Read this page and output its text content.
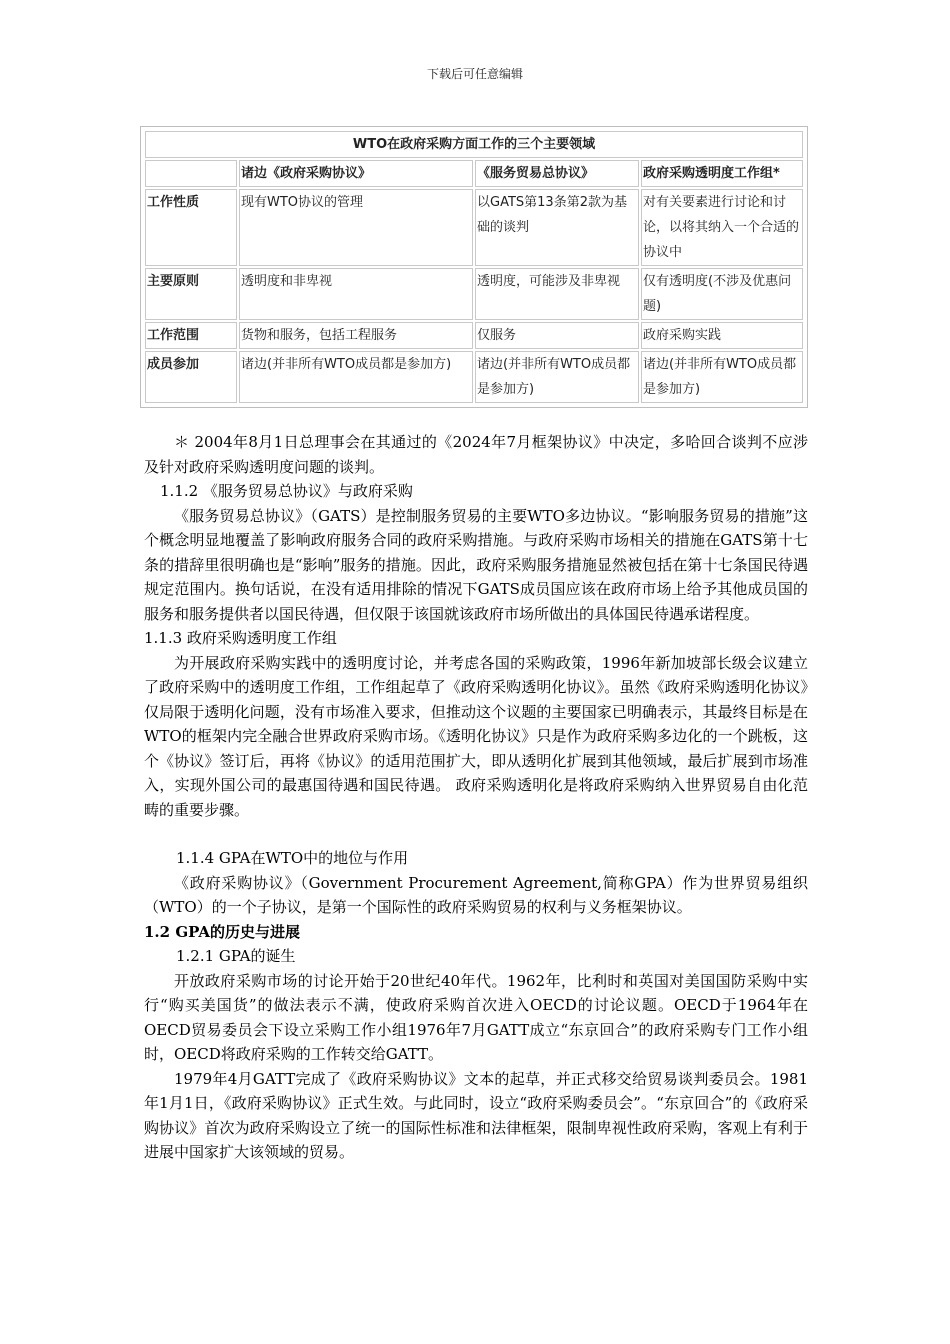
下载后可任意编辑
WTO在政府采购方面工作的三个主要领域			
	诸边《政府采购协议》	《服务贸易总协议》	政府采购透明度工作组*
工作性质	现有WTO协议的管理	以GATS第13条第2款为基础的谈判	对有关要素进行讨论和讨论，以将其纳入一个合适的协议中
主要原则	透明度和非卑视	透明度，可能涉及非卑视	仅有透明度(不涉及优惠问题)
工作范围	货物和服务，包括工程服务	仅服务	政府采购实践
成员参加	诸边(并非所有WTO成员都是参加方)	诸边(并非所有WTO成员都是参加方)	诸边(并非所有WTO成员都是参加方)

＊ 2004年8月1日总理事会在其通过的《2024年7月框架协议》中决定，多哈回合谈判不应涉及针对政府采购透明度问题的谈判。

1.1.2 《服务贸易总协议》与政府采购

《服务贸易总协议》（GATS）是控制服务贸易的主要WTO多边协议。“影响服务贸易的措施”这个概念明显地覆盖了影响政府服务合同的政府采购措施。与政府采购市场相关的措施在GATS第十七条的措辞里很明确也是“影响”服务的措施。因此，政府采购服务措施显然被包括在第十七条国民待遇规定范围内。换句话说，在没有适用排除的情况下GATS成员国应该在政府市场上给予其他成员国的服务和服务提供者以国民待遇，但仅限于该国就该政府市场所做出的具体国民待遇承诺程度。

1.1.3 政府采购透明度工作组

为开展政府采购实践中的透明度讨论，并考虑各国的采购政策，1996年新加坡部长级会议建立了政府采购中的透明度工作组，工作组起草了《政府采购透明化协议》。虽然《政府采购透明化协议》仅局限于透明化问题，没有市场准入要求，但推动这个议题的主要国家已明确表示，其最终目标是在WTO的框架内完全融合世界政府采购市场。《透明化协议》只是作为政府采购多边化的一个跳板，这个《协议》签订后，再将《协议》的适用范围扩大，即从透明化扩展到其他领域，最后扩展到市场准入，实现外国公司的最惠国待遇和国民待遇。 政府采购透明化是将政府采购纳入世界贸易自由化范畴的重要步骤。

1.1.4 GPA在WTO中的地位与作用

《政府采购协议》（Government Procurement Agreement,简称GPA）作为世界贸易组织（WTO）的一个子协议，是第一个国际性的政府采购贸易的权利与义务框架协议。

1.2 GPA的历史与进展

1.2.1 GPA的诞生

开放政府采购市场的讨论开始于20世纪40年代。1962年，比利时和英国对美国国防采购中实行“购买美国货”的做法表示不满，使政府采购首次进入OECD的讨论议题。OECD于1964年在OECD贸易委员会下设立采购工作小组1976年7月GATT成立“东京回合”的政府采购专门工作小组时，OECD将政府采购的工作转交给GATT。

1979年4月GATT完成了《政府采购协议》文本的起草，并正式移交给贸易谈判委员会。1981年1月1日，《政府采购协议》正式生效。与此同时，设立“政府采购委员会”。“东京回合”的《政府采购协议》首次为政府采购设立了统一的国际性标准和法律框架，限制卑视性政府采购，客观上有利于进展中国家扩大该领域的贸易。
